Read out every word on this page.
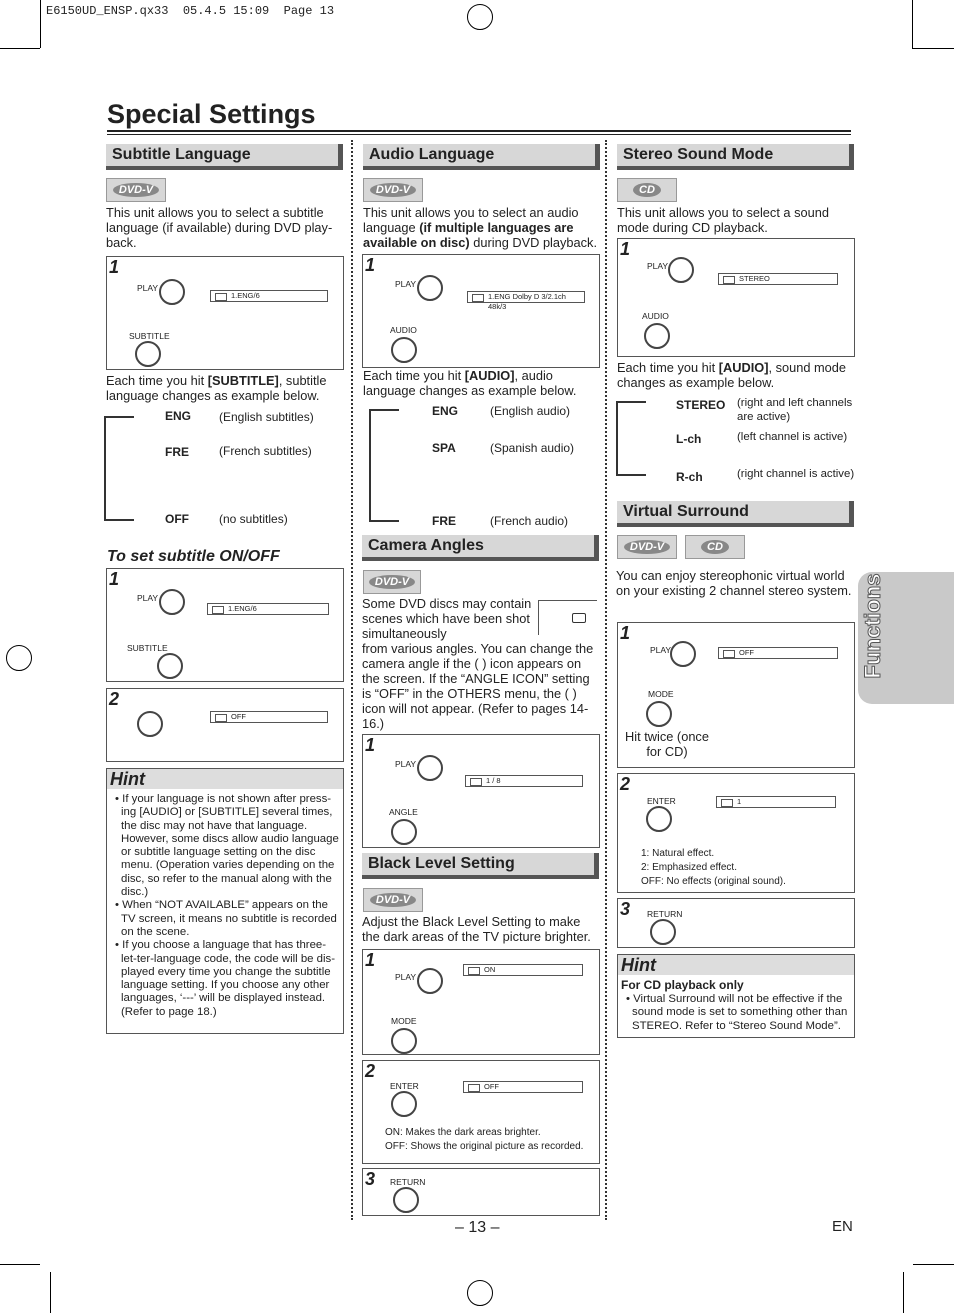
E6150UD_ENSP.qx33  05.4.5 15:09  Page 13
Special Settings
Functions
Subtitle Language
DVD-V
This unit allows you to select a subtitle language (if available) during DVD play-back.
1
PLAY
SUBTITLE
1.ENG/6
Each time you hit [SUBTITLE], subtitle language changes as example below.
ENG (English subtitles)
FRE	(French subtitles)
OFF	(no subtitles)
To set subtitle ON/OFF
1
PLAY
SUBTITLE
1.ENG/6
2
OFF
Hint
• If your language is not shown after press-ing [AUDIO] or [SUBTITLE] several times, the disc may not have that language. However, some discs allow audio language or subtitle language setting on the disc menu. (Operation varies depending on the disc, so refer to the manual along with the disc.)
• When “NOT AVAILABLE” appears on the TV screen, it means no subtitle is recorded on the scene.
• If you choose a language that has three-let-ter-language code, the code will be dis-played every time you change the subtitle language setting. If you choose any other languages, ‘---’ will be displayed instead. (Refer to page 18.)
Audio Language
DVD-V
This unit allows you to select an audio language (if multiple languages are available on disc) during DVD playback.
1
PLAY
AUDIO
1.ENG Dolby D 3/2.1ch 48k/3
Each time you hit [AUDIO], audio language changes as example below.
ENG	(English audio)
SPA	(Spanish audio)
FRE	(French audio)
Camera Angles
DVD-V
Some DVD discs may contain scenes which have been shot simultaneously
from various angles. You can change the camera angle if the ( ) icon appears on the screen. If the “ANGLE ICON” setting is “OFF” in the OTHERS menu, the ( ) icon will not appear. (Refer to pages 14-16.)
1
PLAY
ANGLE
1 / 8
Black Level Setting
DVD-V
Adjust the Black Level Setting to make the dark areas of the TV picture brighter.
1
PLAY
MODE
ON
2
ENTER	OFF
ON: Makes the dark areas brighter.
OFF: Shows the original picture as recorded.
3 RETURN
Stereo Sound Mode
CD
This unit allows you to select a sound mode during CD playback.
1
PLAY
AUDIO
STEREO
Each time you hit [AUDIO], sound mode changes as example below.
STEREO (right and left channels are active)
L-ch	(left channel is active)
R-ch	(right channel is active)
Virtual Surround
DVD-V	CD
You can enjoy stereophonic virtual world on your existing 2 channel stereo system.
1
PLAY
MODE
OFF
Hit twice (once for CD)
2
ENTER	1
1: Natural effect.
2: Emphasized effect.
OFF: No effects (original sound).
3 RETURN
Hint
For CD playback only
• Virtual Surround will not be effective if the sound mode is set to something other than STEREO. Refer to “Stereo Sound Mode”.
– 13 –	EN
